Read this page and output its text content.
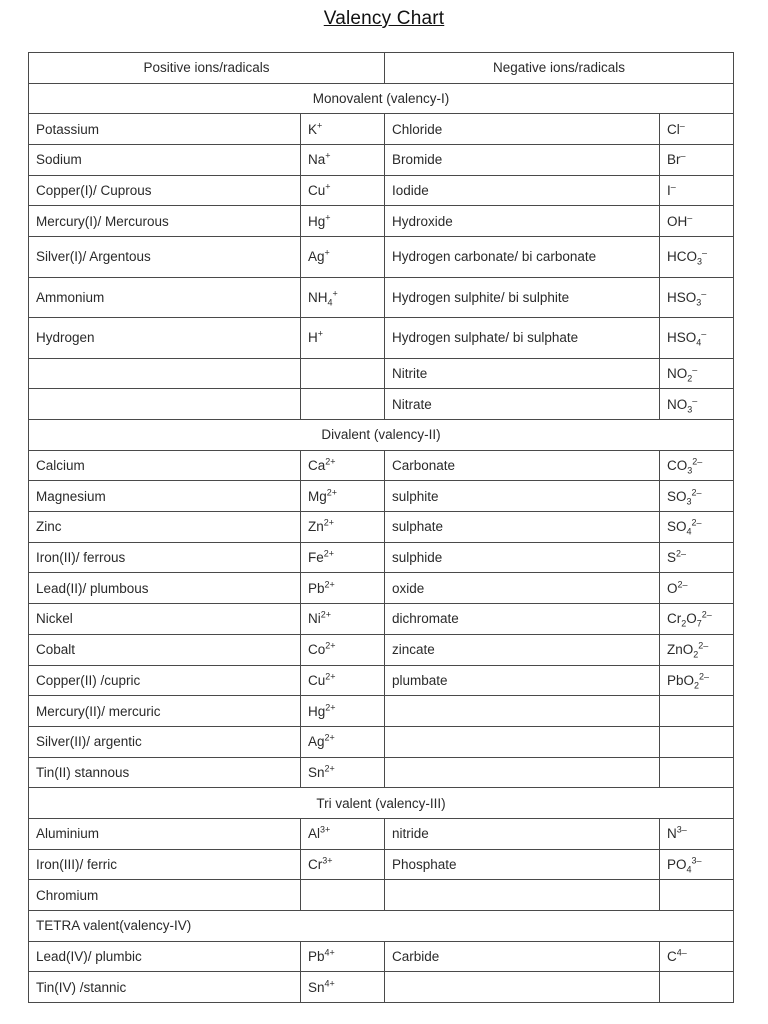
Valency Chart
Positive ions/radicals		Negative ions/radicals	
Monovalent (valency-I)			
Potassium	K+	Chloride	Cl–
Sodium	Na+	Bromide	Br–
Copper(I)/ Cuprous	Cu+	Iodide	I–
Mercury(I)/ Mercurous	Hg+	Hydroxide	OH–
Silver(I)/ Argentous	Ag+	Hydrogen carbonate/ bi carbonate	$HCO_3^-$
Ammonium	$NH_4^+$	Hydrogen sulphite/ bi sulphite	$HSO_3^-$
Hydrogen	H+	Hydrogen sulphate/ bi sulphate	$HSO_4^-$
		Nitrite	$NO_2^-$
		Nitrate	$NO_3^-$
Divalent (valency-II)			
Calcium	$Ca^{2+}$	Carbonate	$CO_3^{2-}$
Magnesium	$Mg^{2+}$	sulphite	$SO_3^{2-}$
Zinc	$Zn^{2+}$	sulphate	$SO_4^{2-}$
Iron(II)/ ferrous	$Fe^{2+}$	sulphide	$S^{2-}$
Lead(II)/ plumbous	$Pb^{2+}$	oxide	$O^{2-}$
Nickel	$Ni^{2+}$	dichromate	$Cr_2O_7^{2-}$
Cobalt	$Co^{2+}$	zincate	ZnO$_2^{2-}$
Copper(II) /cupric	$Cu^{2+}$	plumbate	PbO$_2^{2-}$
Mercury(II)/ mercuric	$Hg^{2+}$		
Silver(II)/ argentic	$Ag^{2+}$		
Tin(II) stannous	$Sn^{2+}$		
Tri valent (valency-III)			
Aluminium	$Al^{3+}$	nitride	$N^{3-}$
Iron(III)/ ferric	$Cr^{3+}$	Phosphate	$PO_4^{3-}$
Chromium			
TETRA valent(valency-IV)			
Lead(IV)/ plumbic	$Pb^{4+}$	Carbide	$C^{4-}$
Tin(IV) /stannic	$Sn^{4+}$		
